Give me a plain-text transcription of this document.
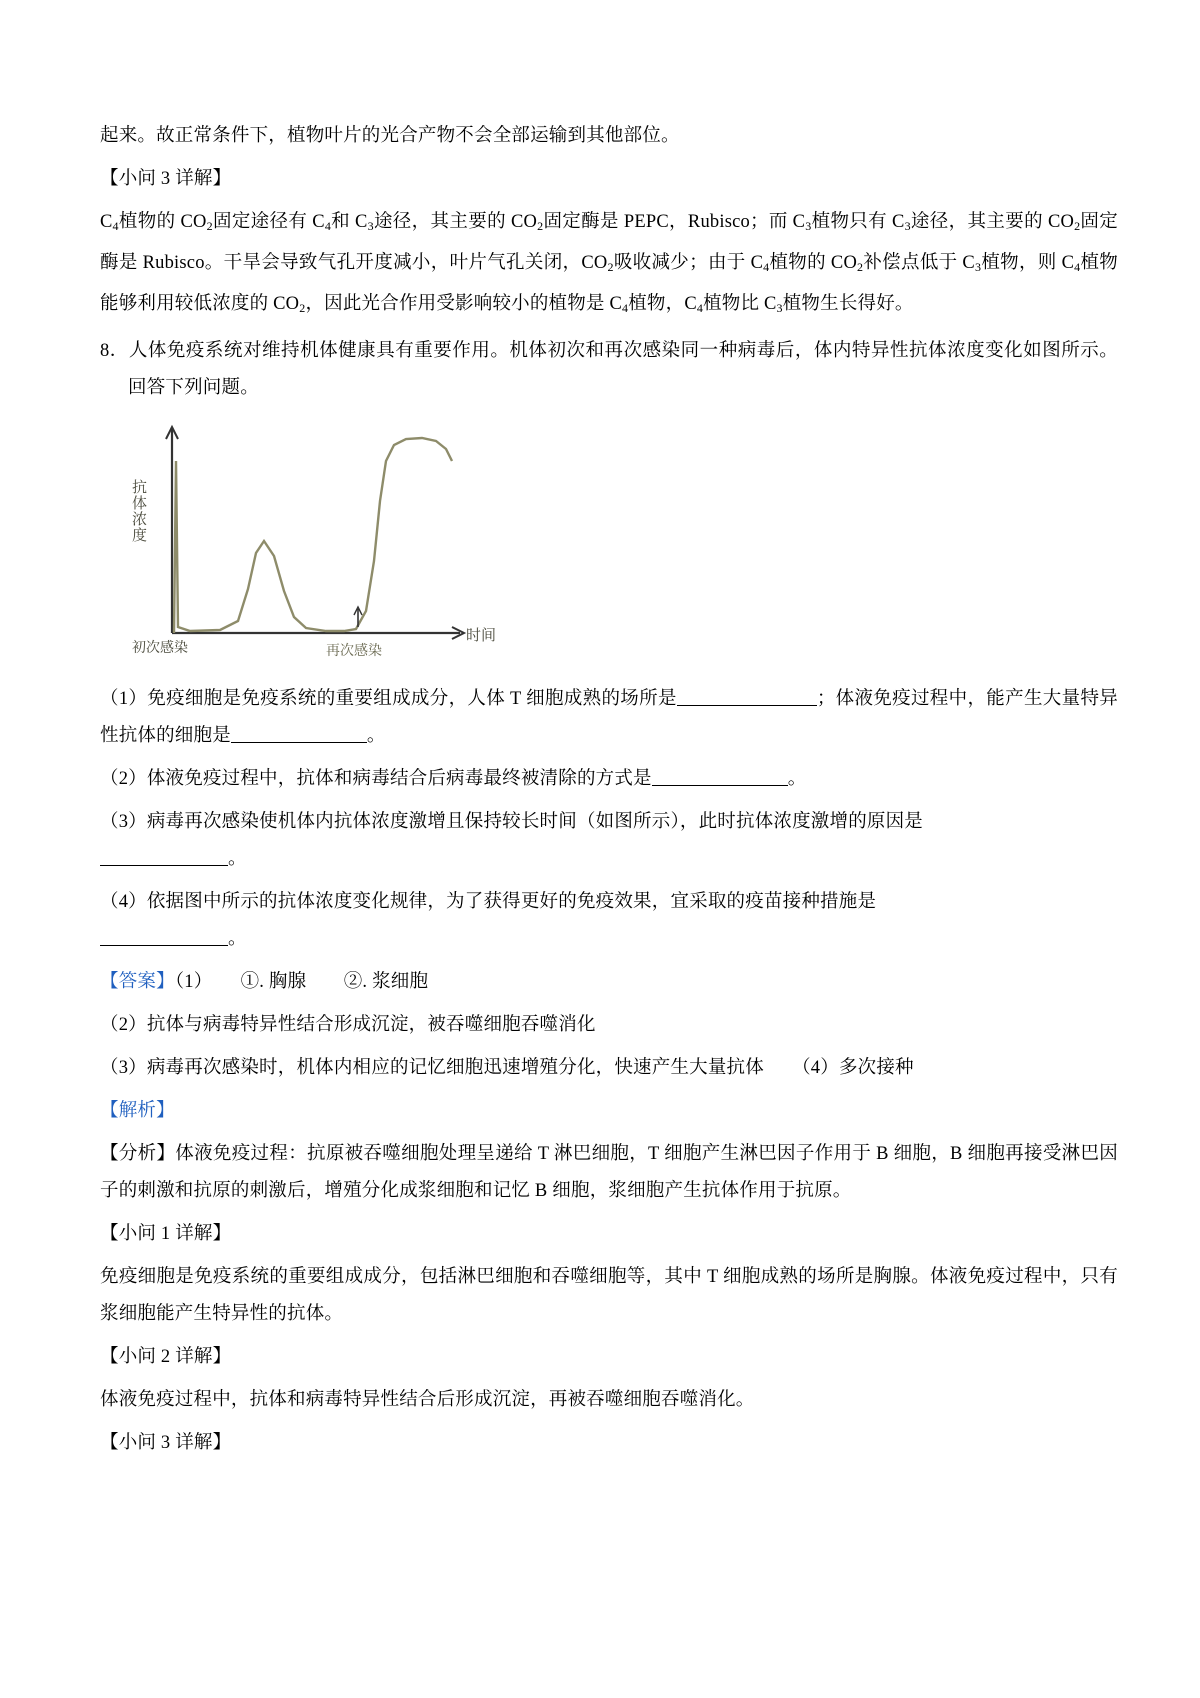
起来。故正常条件下，植物叶片的光合产物不会全部运输到其他部位。

【小问 3 详解】

$C_4$植物的 $CO_2$固定途径有 $C_4$和 $C_3$途径，其主要的 $CO_2$固定酶是 PEPC，Rubisco；而 $C_3$植物只有 $C_3$途径，其主要的 $CO_2$固定酶是 Rubisco。干旱会导致气孔开度减小，叶片气孔关闭，$CO_2$吸收减少；由于 $C_4$植物的 $CO_2$补偿点低于 $C_3$植物，则 $C_4$植物能够利用较低浓度的 $CO_2$，因此光合作用受影响较小的植物是 $C_4$植物，$C_4$植物比 $C_3$植物生长得好。

8．人体免疫系统对维持机体健康具有重要作用。机体初次和再次感染同一种病毒后，体内特异性抗体浓度变化如图所示。回答下列问题。

抗体浓度
时间
初次感染	再次感染

（1）免疫细胞是免疫系统的重要组成成分，人体 T 细胞成熟的场所是	；体液免疫过程中，能产生大量特异性抗体的细胞是	。

（2）体液免疫过程中，抗体和病毒结合后病毒最终被清除的方式是	。

（3）病毒再次感染使机体内抗体浓度激增且保持较长时间（如图所示），此时抗体浓度激增的原因是
。

（4）依据图中所示的抗体浓度变化规律，为了获得更好的免疫效果，宜采取的疫苗接种措施是
。

【答案】（1）　　①. 胸腺　　②. 浆细胞

（2）抗体与病毒特异性结合形成沉淀，被吞噬细胞吞噬消化

（3）病毒再次感染时，机体内相应的记忆细胞迅速增殖分化，快速产生大量抗体　　（4）多次接种

【解析】

【分析】体液免疫过程：抗原被吞噬细胞处理呈递给 T 淋巴细胞，T 细胞产生淋巴因子作用于 B 细胞，B 细胞再接受淋巴因子的刺激和抗原的刺激后，增殖分化成浆细胞和记忆 B 细胞，浆细胞产生抗体作用于抗原。

【小问 1 详解】

免疫细胞是免疫系统的重要组成成分，包括淋巴细胞和吞噬细胞等，其中 T 细胞成熟的场所是胸腺。体液免疫过程中，只有浆细胞能产生特异性的抗体。

【小问 2 详解】

体液免疫过程中，抗体和病毒特异性结合后形成沉淀，再被吞噬细胞吞噬消化。

【小问 3 详解】
